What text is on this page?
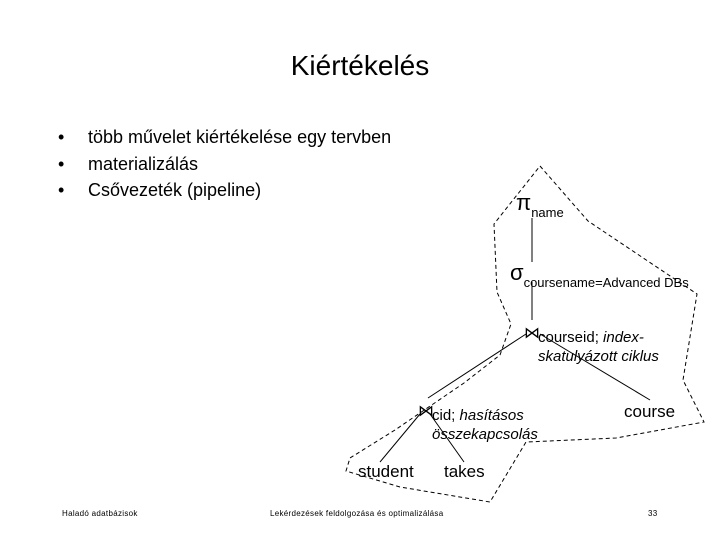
Kiértékelés
• több művelet kiértékelése egy tervben
• materializálás
• Csővezeték (pipeline)	$\pi_{name}$
$\sigma_{coursename=Advanced DBs}$
⋈
courseid; index-
skatulyázott ciklus
⋈
cid; hasításos
összekapcsolás
course
student takes
Haladó adatbázisok	Lekérdezések feldolgozása és optimalizálása	33
